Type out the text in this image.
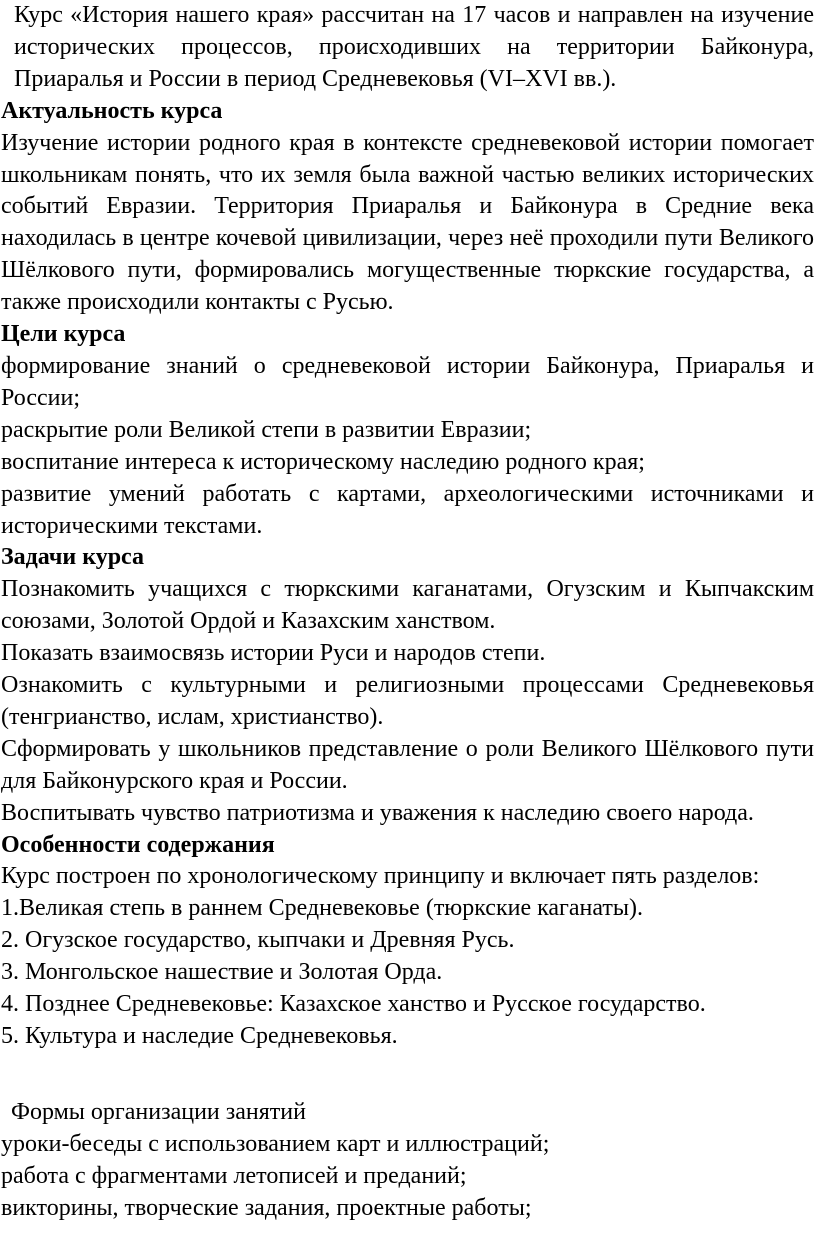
Курс «История нашего края» рассчитан на 17 часов и направлен на изучение исторических процессов, происходивших на территории Байконура, Приаралья и России в период Средневековья (VI–XVI вв.).

Актуальность курса

Изучение истории родного края в контексте средневековой истории помогает школьникам понять, что их земля была важной частью великих исторических событий Евразии. Территория Приаралья и Байконура в Средние века находилась в центре кочевой цивилизации, через неё проходили пути Великого Шёлкового пути, формировались могущественные тюркские государства, а также происходили контакты с Русью.

Цели курса

формирование знаний о средневековой истории Байконура, Приаралья и России;

раскрытие роли Великой степи в развитии Евразии;

воспитание интереса к историческому наследию родного края;

развитие умений работать с картами, археологическими источниками и историческими текстами.

Задачи курса

Познакомить учащихся с тюркскими каганатами, Огузским и Кыпчакским союзами, Золотой Ордой и Казахским ханством.

Показать взаимосвязь истории Руси и народов степи.

Ознакомить с культурными и религиозными процессами Средневековья (тенгрианство, ислам, христианство).

Сформировать у школьников представление о роли Великого Шёлкового пути для Байконурского края и России.

Воспитывать чувство патриотизма и уважения к наследию своего народа.

Особенности содержания

Курс построен по хронологическому принципу и включает пять разделов:

1.Великая степь в раннем Средневековье (тюркские каганаты).

2. Огузское государство, кыпчаки и Древняя Русь.

3. Монгольское нашествие и Золотая Орда.

4. Позднее Средневековье: Казахское ханство и Русское государство.

5. Культура и наследие Средневековья.

Формы организации занятий

уроки-беседы с использованием карт и иллюстраций;

работа с фрагментами летописей и преданий;

викторины, творческие задания, проектные работы;
